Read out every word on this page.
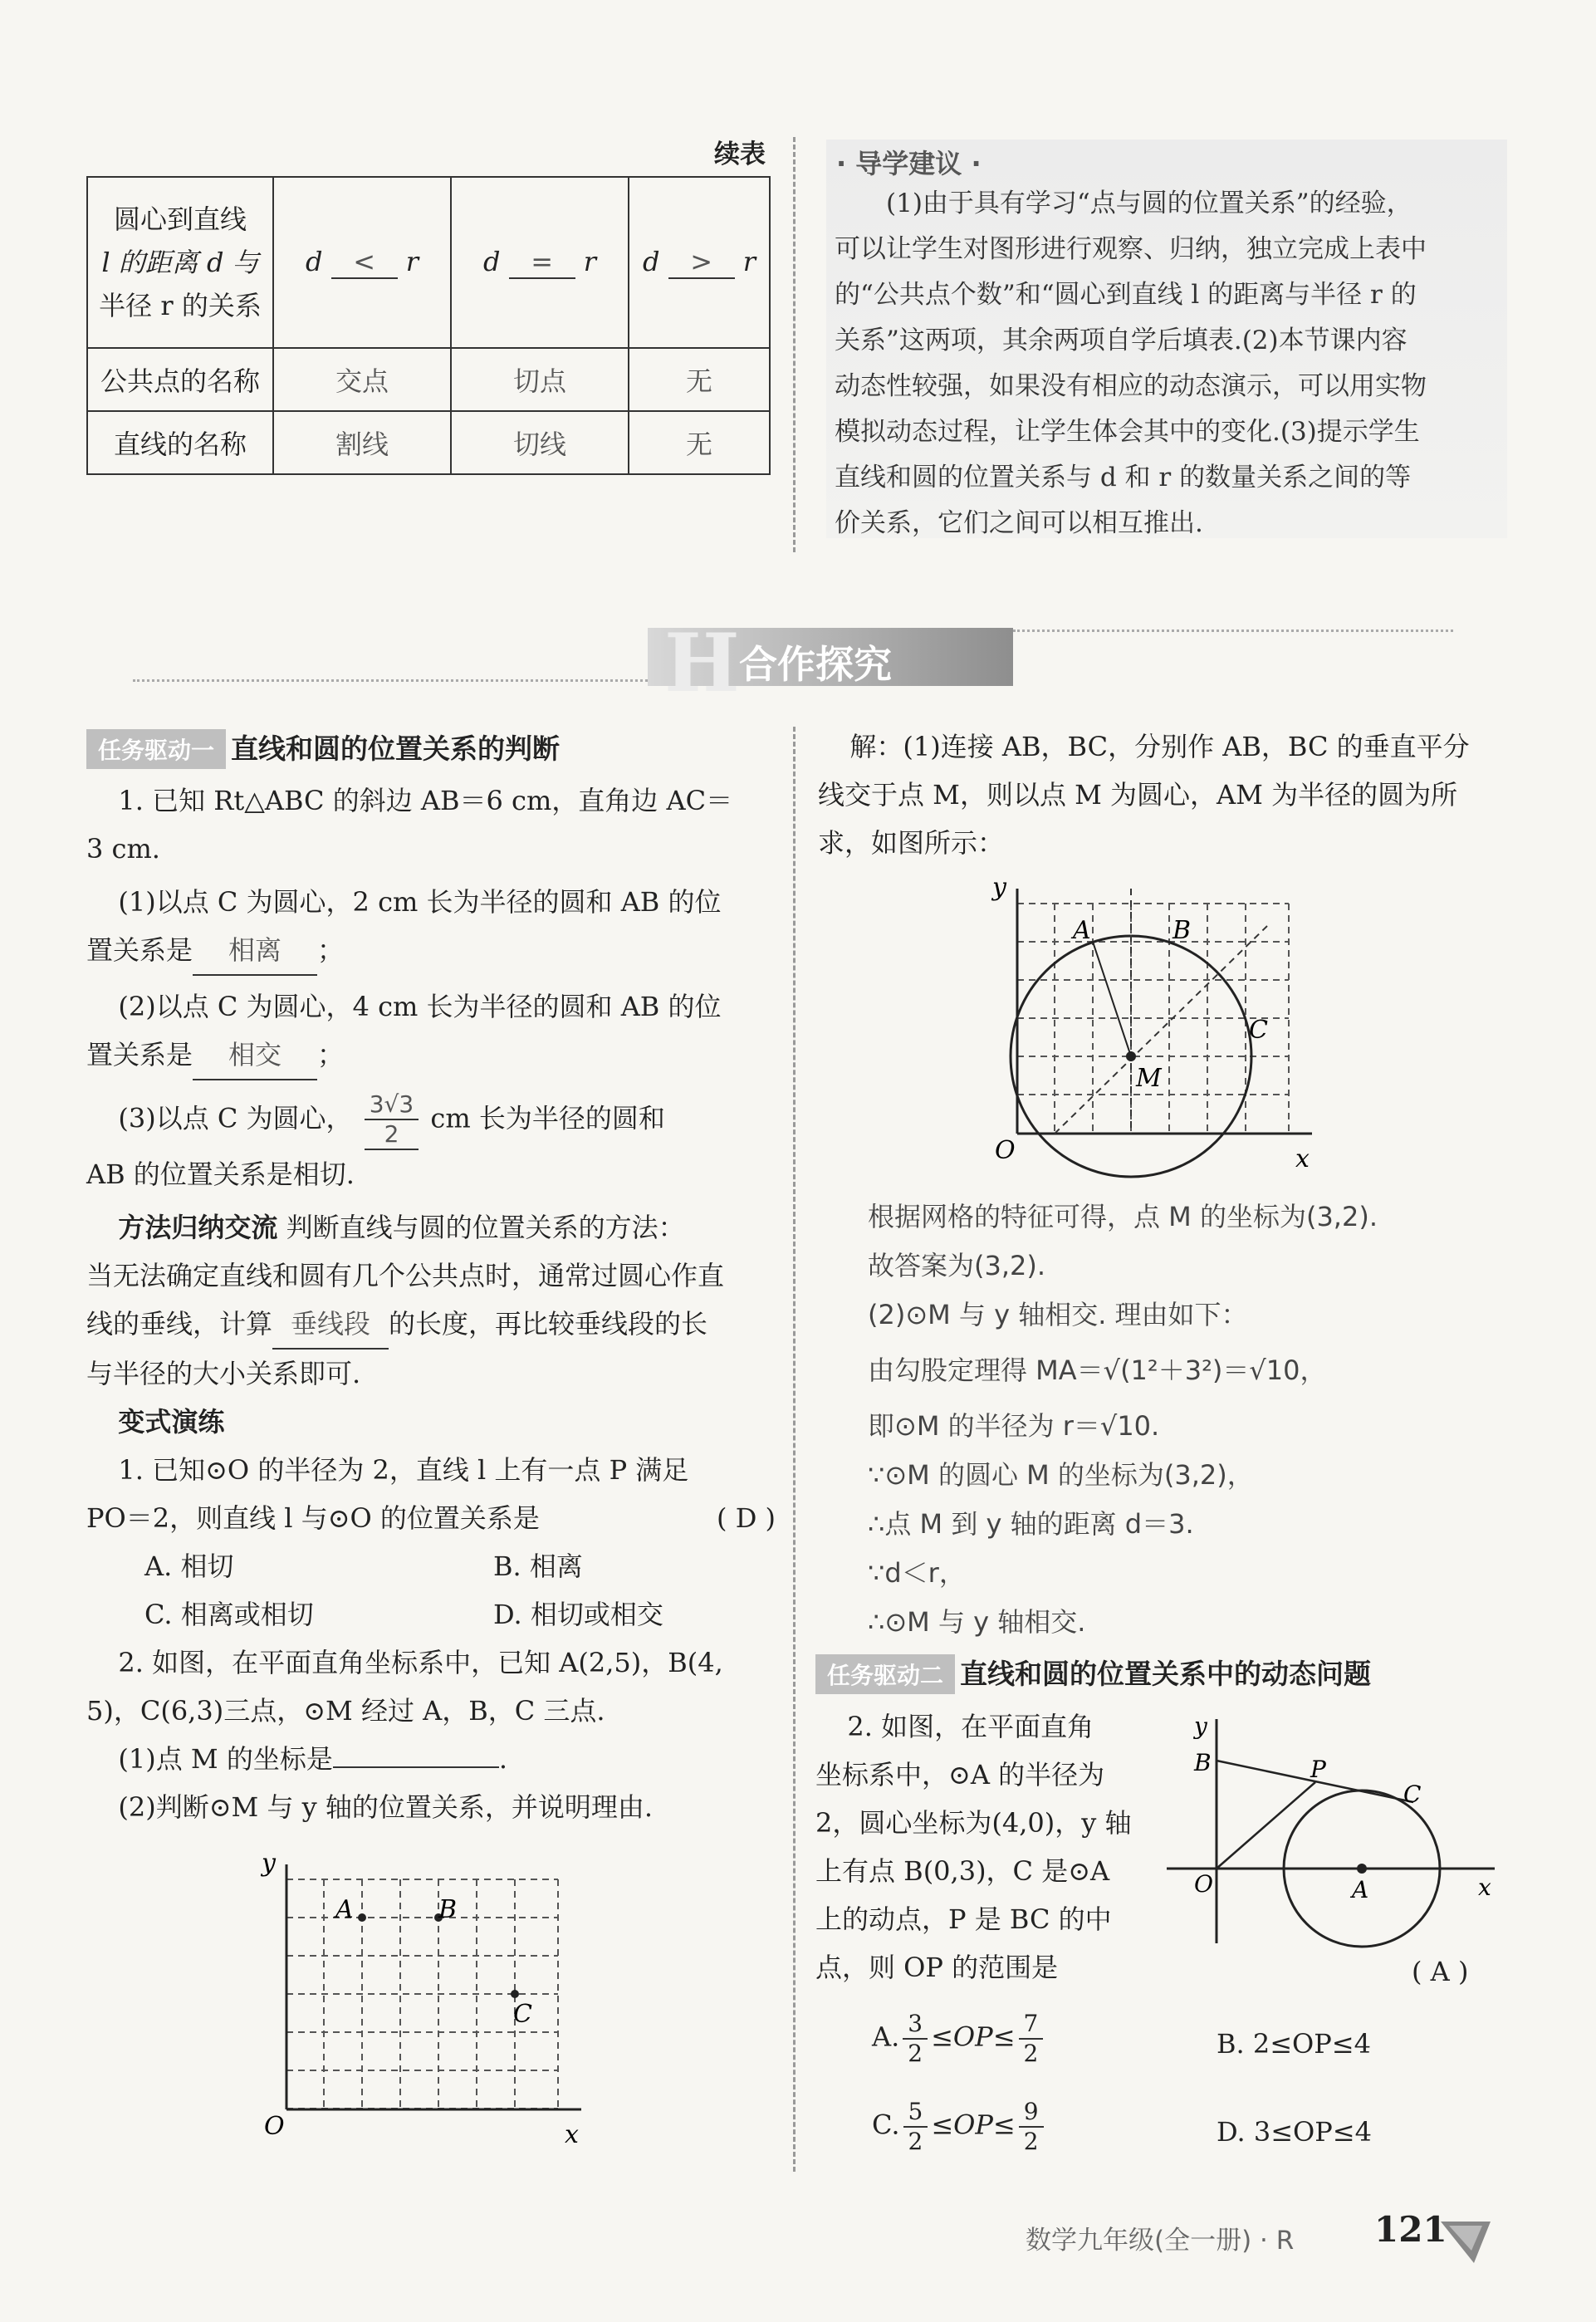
续表
圆心到直线
l 的距离 d 与
半径 r 的关系	d < r	d = r	d > r
公共点的名称	交点	切点	无
直线的名称	割线	切线	无
· 导学建议 ·
(1)由于具有学习“点与圆的位置关系”的经验，
可以让学生对图形进行观察、归纳，独立完成上表中
的“公共点个数”和“圆心到直线 l 的距离与半径 r 的
关系”这两项，其余两项自学后填表.(2)本节课内容
动态性较强，如果没有相应的动态演示，可以用实物
模拟动态过程，让学生体会其中的变化.(3)提示学生
直线和圆的位置关系与 d 和 r 的数量关系之间的等
价关系，它们之间可以相互推出.
H 合作探究
任务驱动一 直线和圆的位置关系的判断
1. 已知 Rt△ABC 的斜边 AB＝6 cm，直角边 AC＝
3 cm.
(1)以点 C 为圆心，2 cm 长为半径的圆和 AB 的位
置关系是 相离 ；
(2)以点 C 为圆心，4 cm 长为半径的圆和 AB 的位
置关系是 相交 ；
(3)以点 C 为圆心， $\frac{3√3}{2}$ cm 长为半径的圆和
AB 的位置关系是相切.
方法归纳交流 判断直线与圆的位置关系的方法：
当无法确定直线和圆有几个公共点时，通常过圆心作直
线的垂线，计算 垂线段 的长度，再比较垂线段的长
与半径的大小关系即可.
变式演练
1. 已知⊙O 的半径为 2，直线 l 上有一点 P 满足
PO＝2，则直线 l 与⊙O 的位置关系是	( D )
A. 相切	B. 相离
C. 相离或相切	D. 相切或相交
2. 如图，在平面直角坐标系中，已知 A(2,5)，B(4,
5)，C(6,3)三点，⊙M 经过 A，B，C 三点.
(1)点 M 的坐标是	.
(2)判断⊙M 与 y 轴的位置关系，并说明理由.
y
O	x
A	B
C
解：(1)连接 AB，BC，分别作 AB，BC 的垂直平分
线交于点 M，则以点 M 为圆心，AM 为半径的圆为所
求，如图所示：
y
O	x
A	B
C
M
根据网格的特征可得，点 M 的坐标为(3,2).
故答案为(3,2).
(2)⊙M 与 y 轴相交. 理由如下：
由勾股定理得 MA＝√(1²＋3²)＝√10，
即⊙M 的半径为 r＝√10.
∵⊙M 的圆心 M 的坐标为(3,2)，
∴点 M 到 y 轴的距离 d＝3.
∵d＜r，
∴⊙M 与 y 轴相交.
任务驱动二 直线和圆的位置关系中的动态问题
2. 如图，在平面直角
坐标系中，⊙A 的半径为
2，圆心坐标为(4,0)，y 轴
上有点 B(0,3)，C 是⊙A
上的动点，P 是 BC 的中
点，则 OP 的范围是	( A )
y
B	P
C
O	A	x
A. $\frac{3}{2} \le OP\le \frac{7}{2}$	B. 2≤OP≤4
C. $\frac{5}{2} \le OP\le \frac{9}{2}$	D. 3≤OP≤4
数学九年级(全一册) · R 121
